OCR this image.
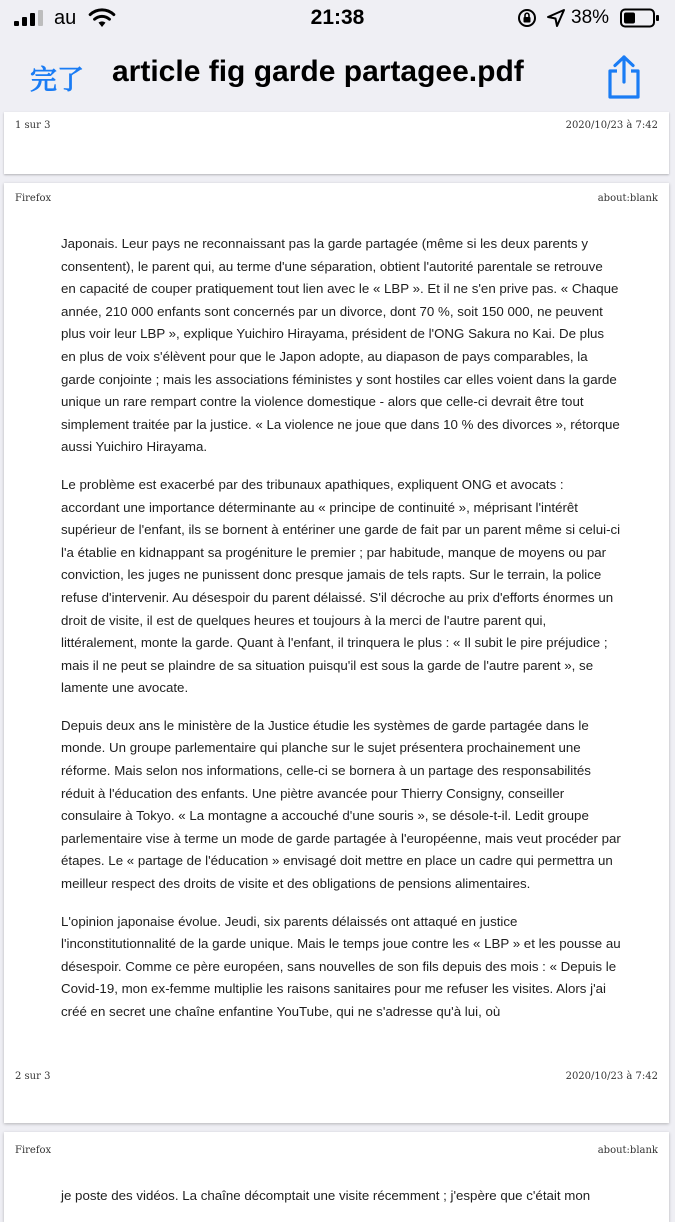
au	21:38	38%
完了 article fig garde partagee.pdf
1 sur 3	2020/10/23 à 7:42
Firefox	about:blank

Japonais. Leur pays ne reconnaissant pas la garde partagée (même si les deux parents y consentent), le parent qui, au terme d'une séparation, obtient l'autorité parentale se retrouve en capacité de couper pratiquement tout lien avec le « LBP ». Et il ne s'en prive pas. « Chaque année, 210 000 enfants sont concernés par un divorce, dont 70 %, soit 150 000, ne peuvent plus voir leur LBP », explique Yuichiro Hirayama, président de l'ONG Sakura no Kai. De plus en plus de voix s'élèvent pour que le Japon adopte, au diapason de pays comparables, la garde conjointe ; mais les associations féministes y sont hostiles car elles voient dans la garde unique un rare rempart contre la violence domestique - alors que celle-ci devrait être tout simplement traitée par la justice. « La violence ne joue que dans 10 % des divorces », rétorque aussi Yuichiro Hirayama.

Le problème est exacerbé par des tribunaux apathiques, expliquent ONG et avocats : accordant une importance déterminante au « principe de continuité », méprisant l'intérêt supérieur de l'enfant, ils se bornent à entériner une garde de fait par un parent même si celui-ci l'a établie en kidnappant sa progéniture le premier ; par habitude, manque de moyens ou par conviction, les juges ne punissent donc presque jamais de tels rapts. Sur le terrain, la police refuse d'intervenir. Au désespoir du parent délaissé. S'il décroche au prix d'efforts énormes un droit de visite, il est de quelques heures et toujours à la merci de l'autre parent qui, littéralement, monte la garde. Quant à l'enfant, il trinquera le plus : « Il subit le pire préjudice ; mais il ne peut se plaindre de sa situation puisqu'il est sous la garde de l'autre parent », se lamente une avocate.

Depuis deux ans le ministère de la Justice étudie les systèmes de garde partagée dans le monde. Un groupe parlementaire qui planche sur le sujet présentera prochainement une réforme. Mais selon nos informations, celle-ci se bornera à un partage des responsabilités réduit à l'éducation des enfants. Une piètre avancée pour Thierry Consigny, conseiller consulaire à Tokyo. « La montagne a accouché d'une souris », se désole-t-il. Ledit groupe parlementaire vise à terme un mode de garde partagée à l'européenne, mais veut procéder par étapes. Le « partage de l'éducation » envisagé doit mettre en place un cadre qui permettra un meilleur respect des droits de visite et des obligations de pensions alimentaires.

L'opinion japonaise évolue. Jeudi, six parents délaissés ont attaqué en justice l'inconstitutionnalité de la garde unique. Mais le temps joue contre les « LBP » et les pousse au désespoir. Comme ce père européen, sans nouvelles de son fils depuis des mois : « Depuis le Covid-19, mon ex-femme multiplie les raisons sanitaires pour me refuser les visites. Alors j'ai créé en secret une chaîne enfantine YouTube, qui ne s'adresse qu'à lui, où

2 sur 3	2020/10/23 à 7:42
Firefox	about:blank
je poste des vidéos. La chaîne décomptait une visite récemment ; j'espère que c'était mon
